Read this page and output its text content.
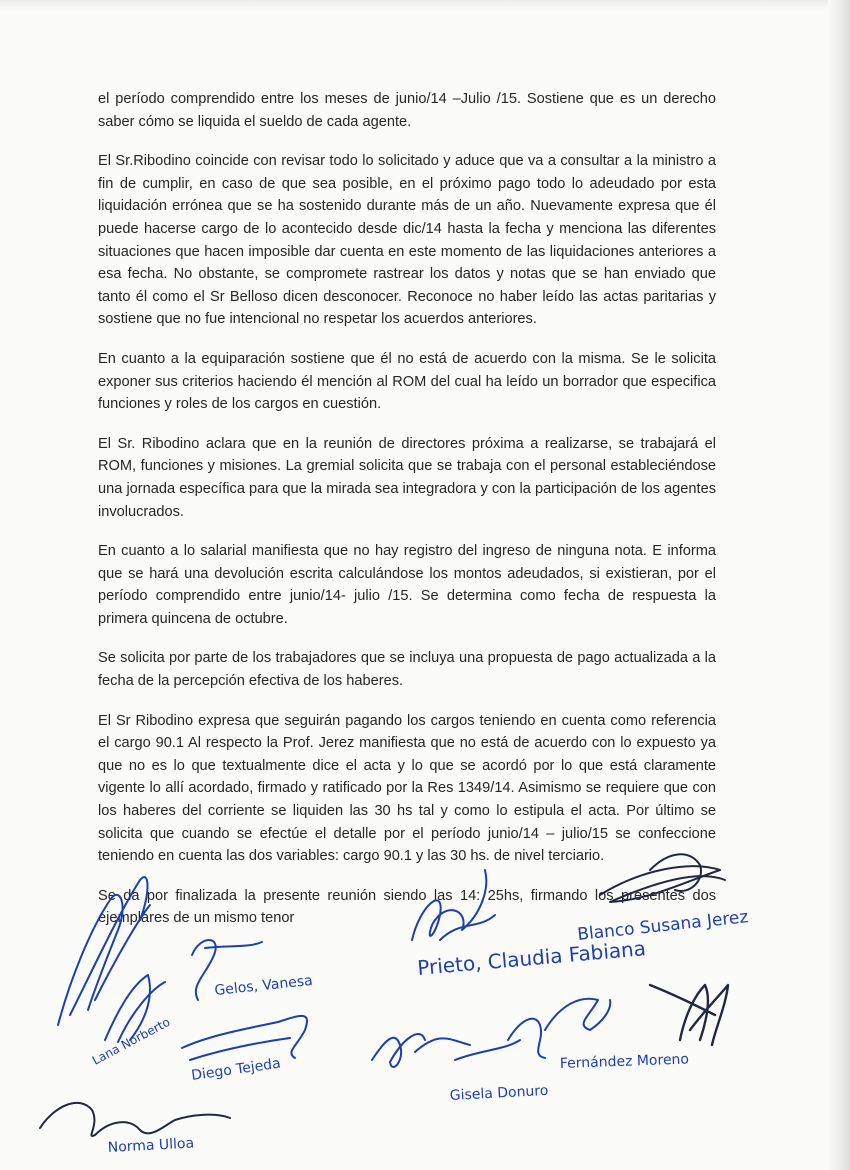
el período comprendido entre los meses de junio/14 –Julio /15. Sostiene que es un derecho saber cómo se liquida el sueldo de cada agente.

El Sr.Ribodino coincide con revisar todo lo solicitado y aduce que va a consultar a la ministro a fin de cumplir, en caso de que sea posible, en el próximo pago todo lo adeudado por esta liquidación errónea que se ha sostenido durante más de un año. Nuevamente expresa que él puede hacerse cargo de lo acontecido desde dic/14 hasta la fecha y menciona las diferentes situaciones que hacen imposible dar cuenta en este momento de las liquidaciones anteriores a esa fecha. No obstante, se compromete rastrear los datos y notas que se han enviado que tanto él como el Sr Belloso dicen desconocer. Reconoce no haber leído las actas paritarias y sostiene que no fue intencional no respetar los acuerdos anteriores.

En cuanto a la equiparación sostiene que él no está de acuerdo con la misma. Se le solicita exponer sus criterios haciendo él mención al ROM del cual ha leído un borrador que especifica funciones y roles de los cargos en cuestión.

El Sr. Ribodino aclara que en la reunión de directores próxima a realizarse, se trabajará el ROM, funciones y misiones. La gremial solicita que se trabaja con el personal estableciéndose una jornada específica para que la mirada sea integradora y con la participación de los agentes involucrados.

En cuanto a lo salarial manifiesta que no hay registro del ingreso de ninguna nota. E informa que se hará una devolución escrita calculándose los montos adeudados, si existieran, por el período comprendido entre junio/14- julio /15. Se determina como fecha de respuesta la primera quincena de octubre.

Se solicita por parte de los trabajadores que se incluya una propuesta de pago actualizada a la fecha de la percepción efectiva de los haberes.

El Sr Ribodino expresa que seguirán pagando los cargos teniendo en cuenta como referencia el cargo 90.1 Al respecto la Prof. Jerez manifiesta que no está de acuerdo con lo expuesto ya que no es lo que textualmente dice el acta y lo que se acordó por lo que está claramente vigente lo allí acordado, firmado y ratificado por la Res 1349/14. Asimismo se requiere que con los haberes del corriente se liquiden las 30 hs tal y como lo estipula el acta. Por último se solicita que cuando se efectúe el detalle por el período junio/14 – julio/15 se confeccione teniendo en cuenta las dos variables: cargo 90.1 y las 30 hs. de nivel terciario.

Se da por finalizada la presente reunión siendo las 14: 25hs, firmando los presentes dos ejemplares de un mismo tenor

Gelos, Vanesa
Prieto, Claudia Fabiana
Blanco Susana Jerez
Lana Norberto
Diego Tejeda
Gisela Donuro
Fernández Moreno
Norma Ulloa
